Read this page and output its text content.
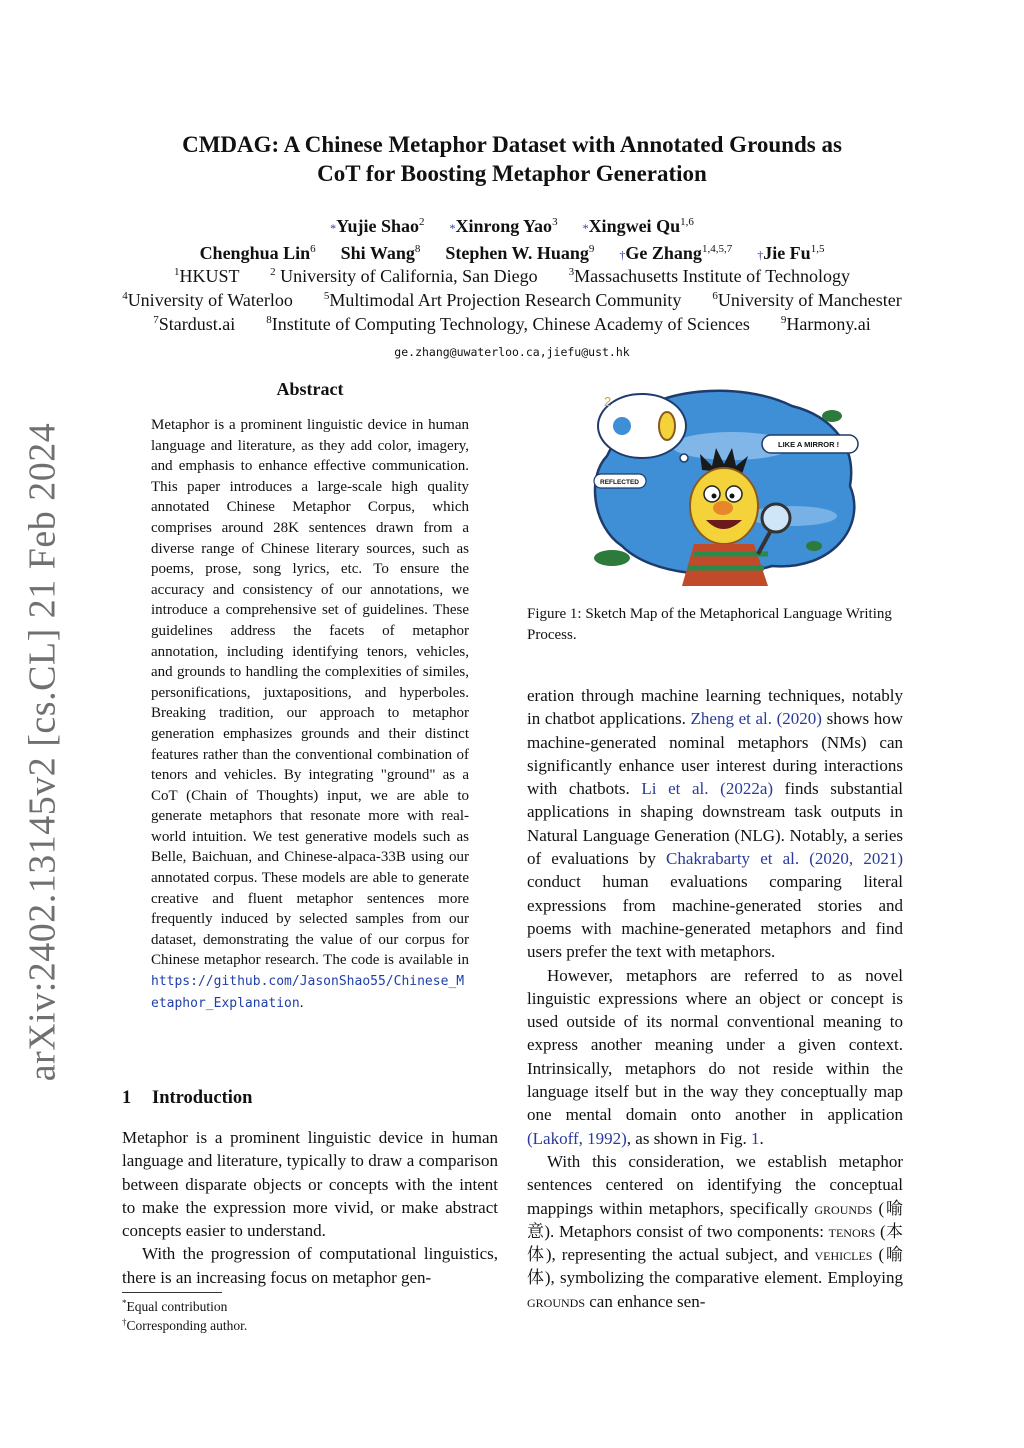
arXiv:2402.13145v2 [cs.CL] 21 Feb 2024
CMDAG: A Chinese Metaphor Dataset with Annotated Grounds as
CoT for Boosting Metaphor Generation
*Yujie Shao$^2$ *Xinrong Yao$^3$ *Xingwei Qu$^{1,6}$
Chenghua Lin$^6$ Shi Wang$^8$ Stephen W. Huang$^9$ †Ge Zhang$^{1,4,5,7}$ †Jie Fu$^{1,5}$
$^1$HKUST	$^2$ University of California, San Diego	$^3$Massachusetts Institute of Technology
$^4$University of Waterloo	$^5$Multimodal Art Projection Research Community	$^6$University of Manchester
$^7$Stardust.ai	$^8$Institute of Computing Technology, Chinese Academy of Sciences	$^9$Harmony.ai
ge.zhang@uwaterloo.ca,jiefu@ust.hk
Abstract
Metaphor is a prominent linguistic device in human language and literature, as they add color, imagery, and emphasis to enhance effective communication. This paper introduces a large-scale high quality annotated Chinese Metaphor Corpus, which comprises around 28K sentences drawn from a diverse range of Chinese literary sources, such as poems, prose, song lyrics, etc. To ensure the accuracy and consistency of our annotations, we introduce a comprehensive set of guidelines. These guidelines address the facets of metaphor annotation, including identifying tenors, vehicles, and grounds to handling the complexities of similes, personifications, juxtapositions, and hyperboles. Breaking tradition, our approach to metaphor generation emphasizes grounds and their distinct features rather than the conventional combination of tenors and vehicles. By integrating "ground" as a CoT (Chain of Thoughts) input, we are able to generate metaphors that resonate more with real-world intuition. We test generative models such as Belle, Baichuan, and Chinese-alpaca-33B using our annotated corpus. These models are able to generate creative and fluent metaphor sentences more frequently induced by selected samples from our dataset, demonstrating the value of our corpus for Chinese metaphor research. The code is available in https://github.com/JasonShao55/Chinese_Metaphor_Explanation.
1 Introduction

Metaphor is a prominent linguistic device in human language and literature, typically to draw a comparison between disparate objects or concepts with the intent to make the expression more vivid, or make abstract concepts easier to understand.

With the progression of computational linguistics, there is an increasing focus on metaphor gen-

*Equal contribution
†Corresponding author.
2
LIKE A MIRROR !
REFLECTED
Figure 1: Sketch Map of the Metaphorical Language Writing Process.

eration through machine learning techniques, notably in chatbot applications. Zheng et al. (2020) shows how machine-generated nominal metaphors (NMs) can significantly enhance user interest during interactions with chatbots. Li et al. (2022a) finds substantial applications in shaping downstream task outputs in Natural Language Generation (NLG). Notably, a series of evaluations by Chakrabarty et al. (2020, 2021) conduct human evaluations comparing literal expressions from machine-generated stories and poems with machine-generated metaphors and find users prefer the text with metaphors.

However, metaphors are referred to as novel linguistic expressions where an object or concept is used outside of its normal conventional meaning to express another meaning under a given context. Intrinsically, metaphors do not reside within the language itself but in the way they conceptually map one mental domain onto another in application (Lakoff, 1992), as shown in Fig. 1.

With this consideration, we establish metaphor sentences centered on identifying the conceptual mappings within metaphors, specifically grounds (喻意). Metaphors consist of two components: tenors (本体), representing the actual subject, and vehicles (喻体), symbolizing the comparative element. Employing grounds can enhance sen-
